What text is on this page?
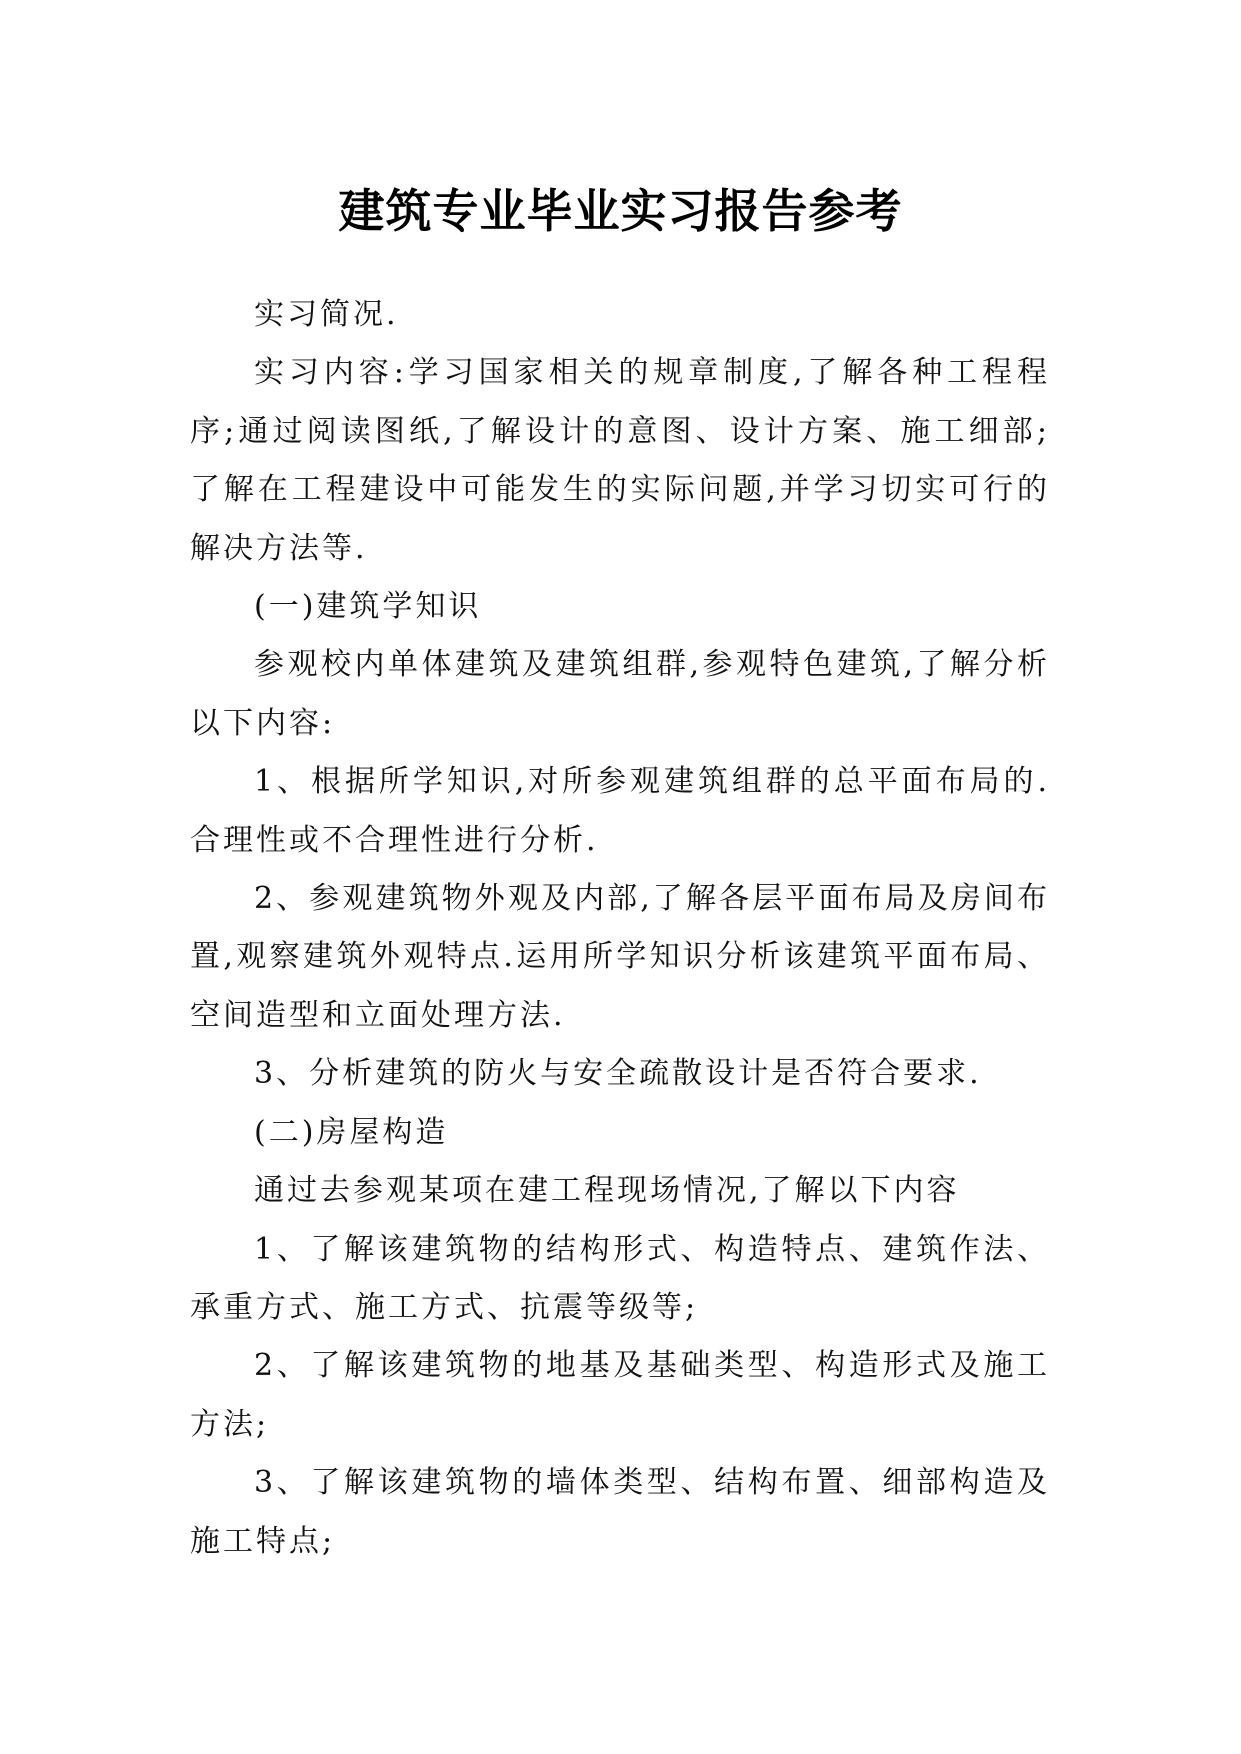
建筑专业毕业实习报告参考

实习简况.

实习内容:学习国家相关的规章制度,了解各种工程程序;通过阅读图纸,了解设计的意图、设计方案、施工细部;了解在工程建设中可能发生的实际问题,并学习切实可行的解决方法等.

(一)建筑学知识

参观校内单体建筑及建筑组群,参观特色建筑,了解分析以下内容:

1、根据所学知识,对所参观建筑组群的总平面布局的.合理性或不合理性进行分析.

2、参观建筑物外观及内部,了解各层平面布局及房间布置,观察建筑外观特点.运用所学知识分析该建筑平面布局、空间造型和立面处理方法.

3、分析建筑的防火与安全疏散设计是否符合要求.

(二)房屋构造

通过去参观某项在建工程现场情况,了解以下内容

1、了解该建筑物的结构形式、构造特点、建筑作法、承重方式、施工方式、抗震等级等;

2、了解该建筑物的地基及基础类型、构造形式及施工方法;

3、了解该建筑物的墙体类型、结构布置、细部构造及施工特点;
